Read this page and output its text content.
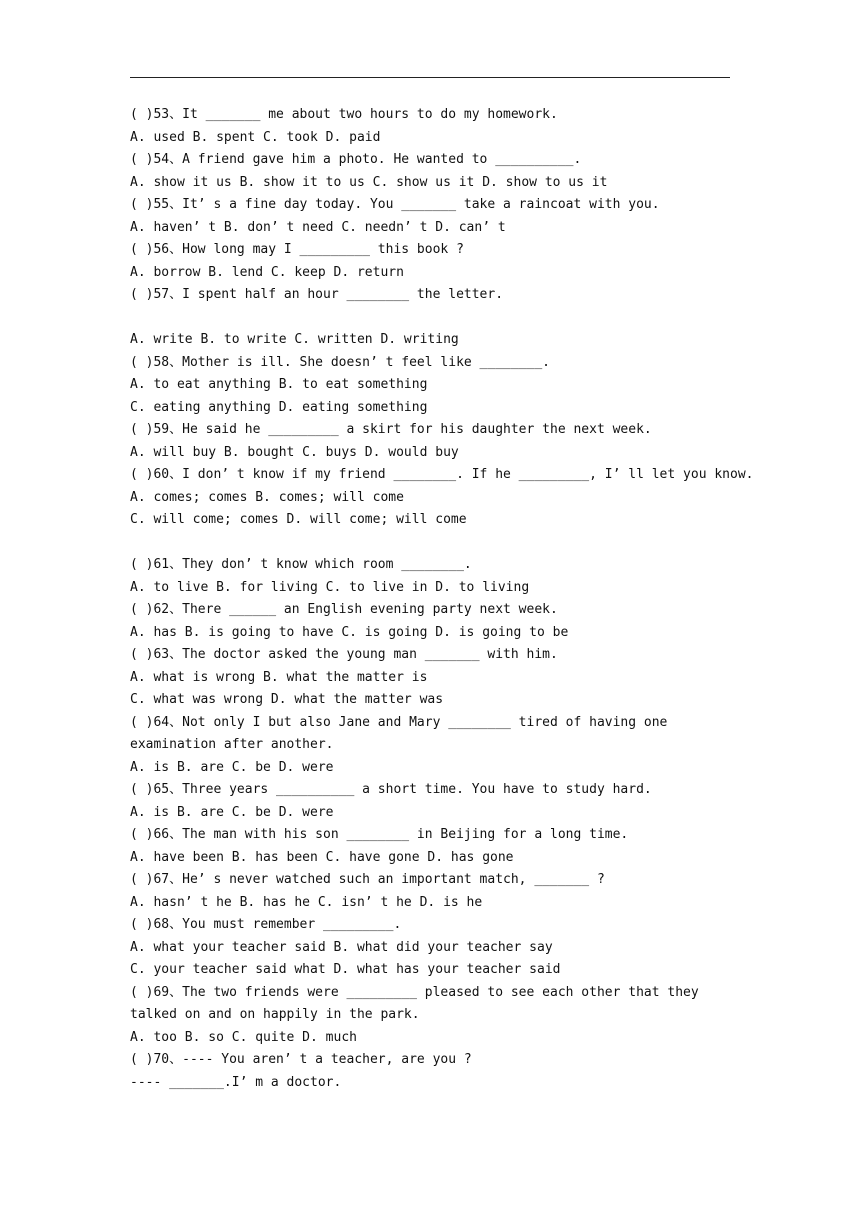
( )53、It _______ me about two hours to do my homework.
A. used B. spent C. took D. paid
( )54、A friend gave him a photo. He wanted to __________.
A. show it us B. show it to us C. show us it D. show to us it
( )55、It’ s a fine day today. You _______ take a raincoat with you.
A. haven’ t B. don’ t need C. needn’ t D. can’ t
( )56、How long may I _________ this book ?
A. borrow B. lend C. keep D. return
( )57、I spent half an hour ________ the letter.
A. write B. to write C. written D. writing
( )58、Mother is ill. She doesn’ t feel like ________.
A. to eat anything B. to eat something
C. eating anything D. eating something
( )59、He said he _________ a skirt for his daughter the next week.
A. will buy B. bought C. buys D. would buy
( )60、I don’ t know if my friend ________. If he _________, I’ ll let you know.
A. comes; comes B. comes; will come
C. will come; comes D. will come; will come
( )61、They don’ t know which room ________.
A. to live B. for living C. to live in D. to living
( )62、There ______ an English evening party next week.
A. has B. is going to have C. is going D. is going to be
( )63、The doctor asked the young man _______ with him.
A. what is wrong B. what the matter is
C. what was wrong D. what the matter was
( )64、Not only I but also Jane and Mary ________ tired of having one examination after another.
A. is B. are C. be D. were
( )65、Three years __________ a short time. You have to study hard.
A. is B. are C. be D. were
( )66、The man with his son ________ in Beijing for a long time.
A. have been B. has been C. have gone D. has gone
( )67、He’ s never watched such an important match, _______ ?
A. hasn’ t he B. has he C. isn’ t he D. is he
( )68、You must remember _________.
A. what your teacher said B. what did your teacher say
C. your teacher said what D. what has your teacher said
( )69、The two friends were _________ pleased to see each other that they talked on and on happily in the park.
A. too B. so C. quite D. much
( )70、---- You aren’ t a teacher, are you ?
---- _______.I’ m a doctor.
